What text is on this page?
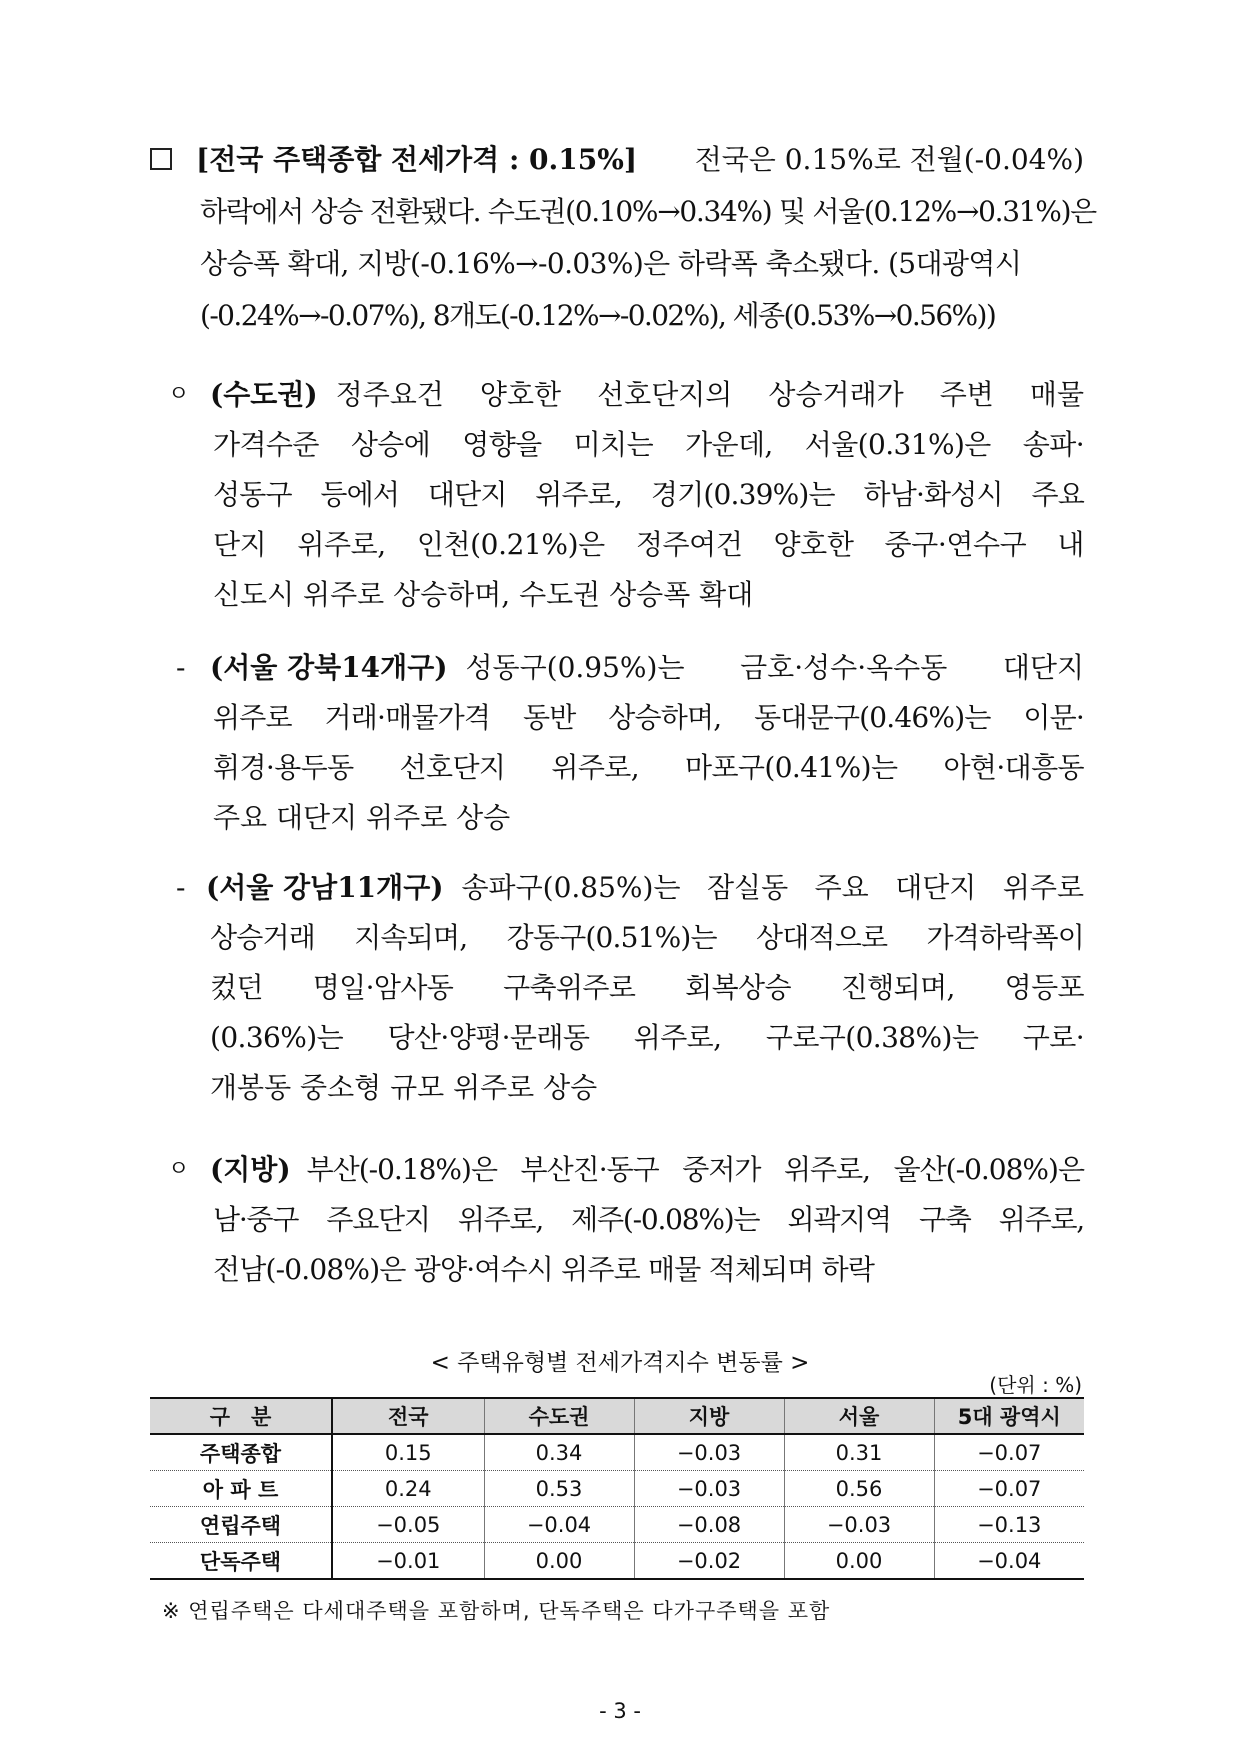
[전국 주택종합 전세가격 : 0.15%] 전국은 0.15%로 전월(-0.04%)
하락에서 상승 전환됐다. 수도권(0.10%→0.34%) 및 서울(0.12%→0.31%)은
상승폭 확대, 지방(-0.16%→-0.03%)은 하락폭 축소됐다. (5대광역시
(-0.24%→-0.07%), 8개도(-0.12%→-0.02%), 세종(0.53%→0.56%))
ㅇ (수도권) 정주요건 양호한 선호단지의 상승거래가 주변 매물
가격수준 상승에 영향을 미치는 가운데, 서울(0.31%)은 송파·
성동구 등에서 대단지 위주로, 경기(0.39%)는 하남·화성시 주요
단지 위주로, 인천(0.21%)은 정주여건 양호한 중구·연수구 내
신도시 위주로 상승하며, 수도권 상승폭 확대
- (서울 강북14개구) 성동구(0.95%)는 금호·성수·옥수동 대단지
위주로 거래·매물가격 동반 상승하며, 동대문구(0.46%)는 이문·
휘경·용두동 선호단지 위주로, 마포구(0.41%)는 아현·대흥동
주요 대단지 위주로 상승
- (서울 강남11개구) 송파구(0.85%)는 잠실동 주요 대단지 위주로
상승거래 지속되며, 강동구(0.51%)는 상대적으로 가격하락폭이
컸던 명일·암사동 구축위주로 회복상승 진행되며, 영등포
(0.36%)는 당산·양평·문래동 위주로, 구로구(0.38%)는 구로·
개봉동 중소형 규모 위주로 상승
ㅇ (지방) 부산(-0.18%)은 부산진·동구 중저가 위주로, 울산(-0.08%)은
남·중구 주요단지 위주로, 제주(-0.08%)는 외곽지역 구축 위주로,
전남(-0.08%)은 광양·여수시 위주로 매물 적체되며 하락
< 주택유형별 전세가격지수 변동률 >
(단위 : %)
구　분	전국	수도권	지방	서울	5대 광역시
주택종합	0.15	0.34	−0.03	0.31	−0.07
아 파 트	0.24	0.53	−0.03	0.56	−0.07
연립주택	−0.05	−0.04	−0.08	−0.03	−0.13
단독주택	−0.01	0.00	−0.02	0.00	−0.04
※ 연립주택은 다세대주택을 포함하며, 단독주택은 다가구주택을 포함
- 3 -
